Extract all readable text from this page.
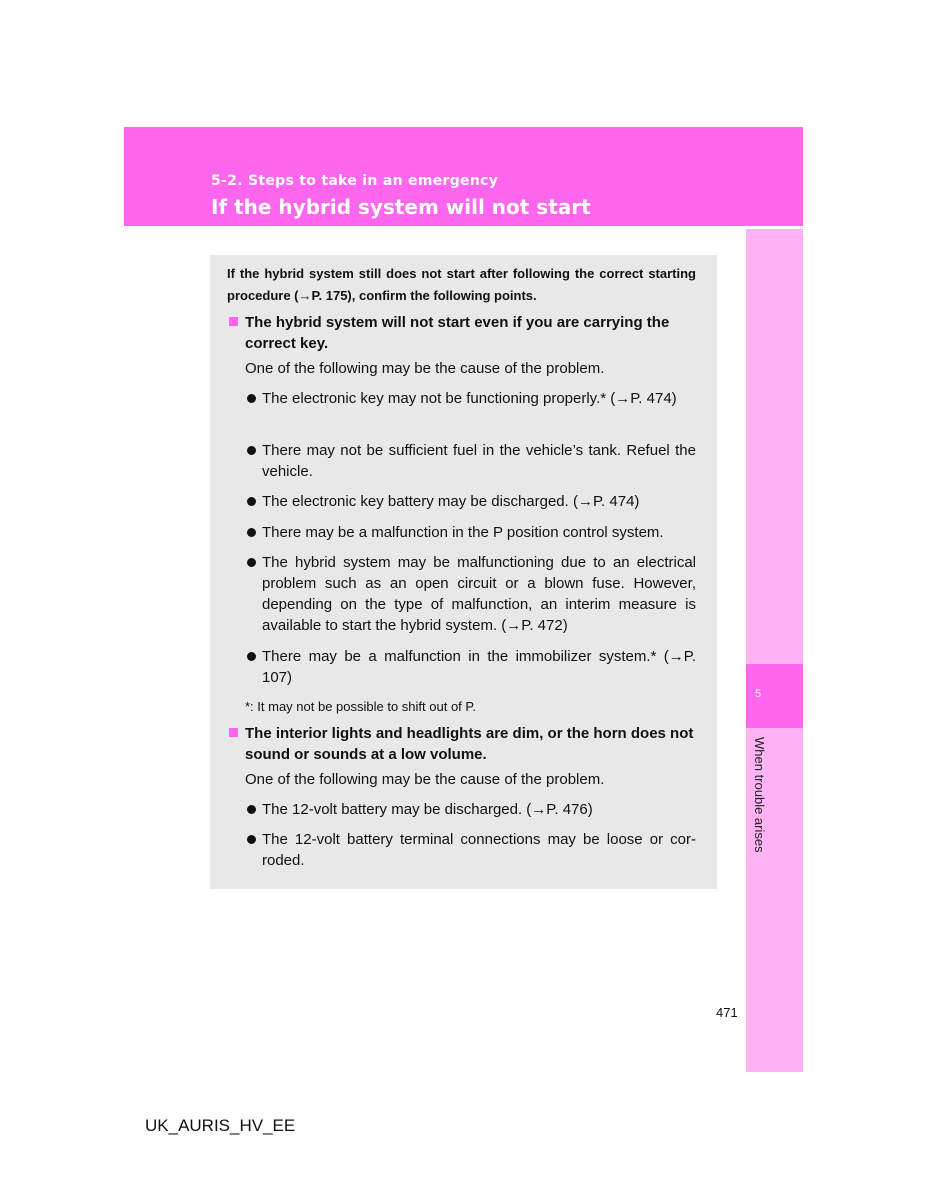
5-2. Steps to take in an emergency
If the hybrid system will not start
5
When trouble arises
If the hybrid system still does not start after following the correct starting procedure (→P. 175), confirm the following points.
The hybrid system will not start even if you are carrying the correct key.
One of the following may be the cause of the problem.
The electronic key may not be functioning properly.* (→P. 474)
There may not be sufficient fuel in the vehicle’s tank. Refuel the vehicle.
The electronic key battery may be discharged. (→P. 474)
There may be a malfunction in the P position control system.
The hybrid system may be malfunctioning due to an electrical problem such as an open circuit or a blown fuse. However, depending on the type of malfunction, an interim measure is available to start the hybrid system. (→P. 472)
There may be a malfunction in the immobilizer system.* (→P. 107)
*: It may not be possible to shift out of P.
The interior lights and headlights are dim, or the horn does not sound or sounds at a low volume.
One of the following may be the cause of the problem.
The 12-volt battery may be discharged. (→P. 476)
The 12-volt battery terminal connections may be loose or cor- roded.
471
UK_AURIS_HV_EE
